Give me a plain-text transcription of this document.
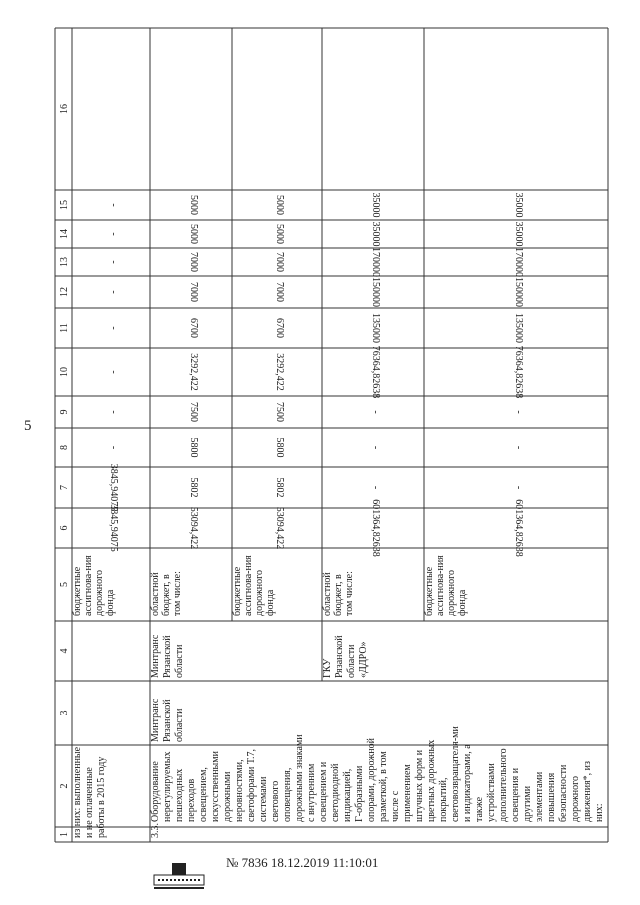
5
1
2
3
4
5
6
7
8
9
10
11
12
13
14
15
16
из них: выполненныеи не оплаченныеработы в 2015 году
бюджетныеассигнова-ниядорожногофонда
3845,94075
3845,94075
-
-
-
-
-
-
-
-
3.3.
Оборудованиенерегулируемыхпешеходныхпереходовосвещением,искусственнымидорожныминеровностями,светофорами Т.7,системамисветовогооповещения,дорожными знакамис внутреннимосвещением исветодиоднойиндикацией,Г-образнымиопорами, дорожнойразметкой, в томчисле сприменениемштучных форм ицветных дорожныхпокрытий,световозвращателя-мии индикаторами, атакжеустройствамидополнительногоосвещения идругимиэлементамиповышениябезопасностидорожногодвижения*, изних:
МинтрансРязанскойобласти
МинтрансРязанскойобласти	ГКУРязанскойобласти«ДДРО»
областнойбюджет, втом числе:
53094,422
5802
5800
7500
3292,422
6700
7000
7000
5000
5000
бюджетныеассигнова-ниядорожногофонда
53094,422
5802
5800
7500
3292,422
6700
7000
7000
5000
5000
областнойбюджет, втом числе:
601364,82638
-
-
-
76364,82638
135000
150000
170000
35000
35000
бюджетныеассигнова-ниядорожногофонда
601364,82638
-
-
-
76364,82638
135000
150000
170000
35000
35000
№ 7836 18.12.2019 11:10:01
